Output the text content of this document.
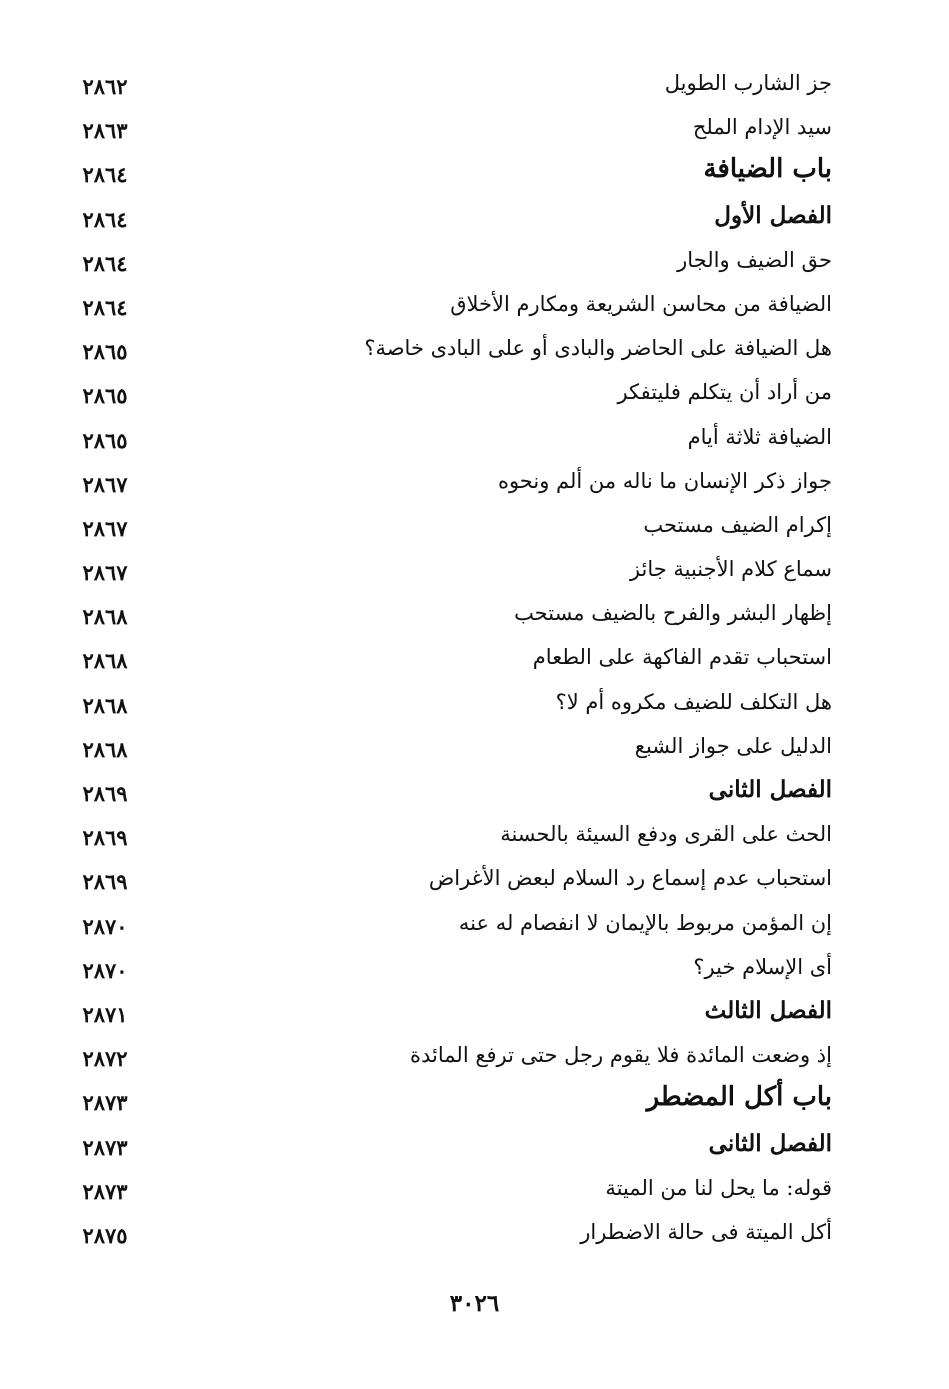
جز الشارب الطويل
٢٨٦٢
سيد الإدام الملح
٢٨٦٣
باب الضيافة
٢٨٦٤
الفصل الأول
٢٨٦٤
حق الضيف والجار
٢٨٦٤
الضيافة من محاسن الشريعة ومكارم الأخلاق
٢٨٦٤
هل الضيافة على الحاضر والبادى أو على البادى خاصة؟
٢٨٦٥
من أراد أن يتكلم فليتفكر
٢٨٦٥
الضيافة ثلاثة أيام
٢٨٦٥
جواز ذكر الإنسان ما ناله من ألم ونحوه
٢٨٦٧
إكرام الضيف مستحب
٢٨٦٧
سماع كلام الأجنبية جائز
٢٨٦٧
إظهار البشر والفرح بالضيف مستحب
٢٨٦٨
استحباب تقدم الفاكهة على الطعام
٢٨٦٨
هل التكلف للضيف مكروه أم لا؟
٢٨٦٨
الدليل على جواز الشبع
٢٨٦٨
الفصل الثانى
٢٨٦٩
الحث على القرى ودفع السيئة بالحسنة
٢٨٦٩
استحباب عدم إسماع رد السلام لبعض الأغراض
٢٨٦٩
إن المؤمن مربوط بالإيمان لا انفصام له عنه
٢٨٧٠
أى الإسلام خير؟
٢٨٧٠
الفصل الثالث
٢٨٧١
إذ وضعت المائدة فلا يقوم رجل حتى ترفع المائدة
٢٨٧٢
باب أكل المضطر
٢٨٧٣
الفصل الثانى
٢٨٧٣
قوله: ما يحل لنا من الميتة
٢٨٧٣
أكل الميتة فى حالة الاضطرار
٢٨٧٥
٣٠٢٦
